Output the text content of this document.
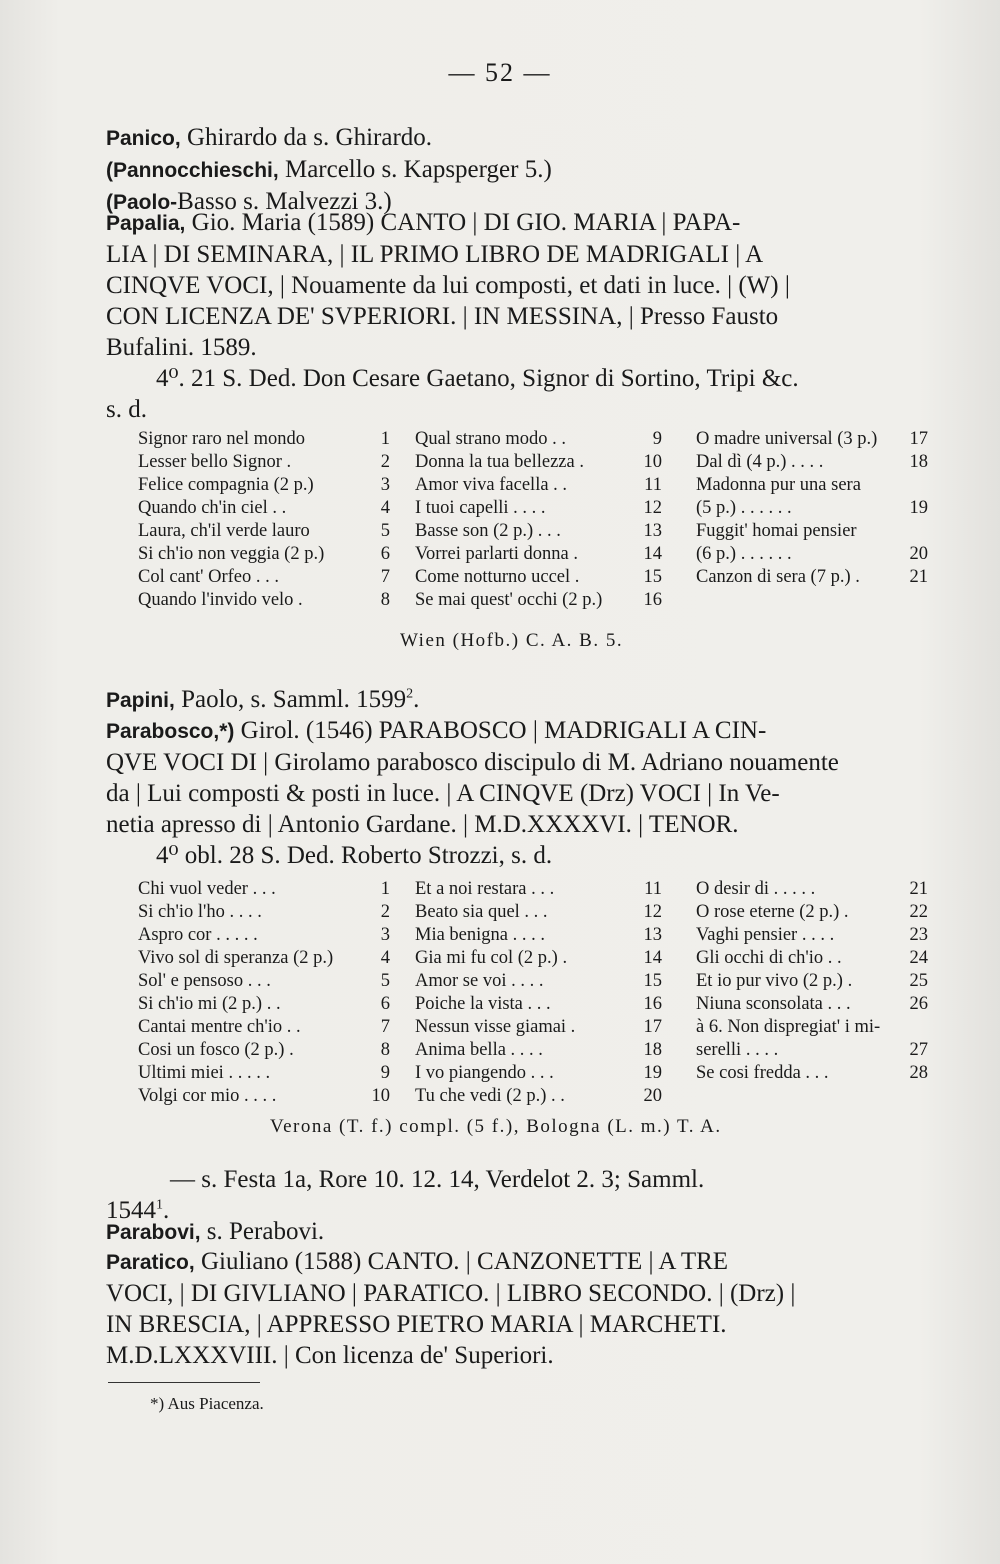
— 52 —
Panico, Ghirardo da s. Ghirardo.
(Pannocchieschi, Marcello s. Kapsperger 5.)
(Paolo-Basso s. Malvezzi 3.)
Papalia, Gio. Maria (1589) CANTO | DI GIO. MARIA | PAPA-
LIA | DI SEMINARA, | IL PRIMO LIBRO DE MADRIGALI | A
CINQVE VOCI, | Nouamente da lui composti, et dati in luce. | (W) |
CON LICENZA DE' SVPERIORI. | IN MESSINA, | Presso Fausto
Bufalini. 1589.
4⁰. 21 S. Ded. Don Cesare Gaetano, Signor di Sortino, Tripi &c.
s. d.
Signor raro nel mondo	1
Lesser bello Signor .	2
Felice compagnia (2 p.)	3
Quando ch'in ciel . .	4
Laura, ch'il verde lauro	5
Si ch'io non veggia (2 p.)	6
Col cant' Orfeo . . .	7
Quando l'invido velo .	8
Qual strano modo . .	9
Donna la tua bellezza .	10
Amor viva facella . .	11
I tuoi capelli . . . .	12
Basse son (2 p.) . . .	13
Vorrei parlarti donna .	14
Come notturno uccel .	15
Se mai quest' occhi (2 p.)	16
O madre universal (3 p.)	17
Dal dì (4 p.) . . . .	18
Madonna pur una sera	
(5 p.) . . . . . .	19
Fuggit' homai pensier	
(6 p.) . . . . . .	20
Canzon di sera (7 p.) .	21

Wien (Hofb.) C. A. B. 5.
Papini, Paolo, s. Samml. 1599$^2$.
Parabosco,*) Girol. (1546) PARABOSCO | MADRIGALI A CIN-
QVE VOCI DI | Girolamo parabosco discipulo di M. Adriano nouamente
da | Lui composti & posti in luce. | A CINQVE (Drz) VOCI | In Ve-
netia apresso di | Antonio Gardane. | M.D.XXXXVI. | TENOR.
4⁰ obl. 28 S. Ded. Roberto Strozzi, s. d.
Chi vuol veder . . .	1
Si ch'io l'ho . . . .	2
Aspro cor . . . . .	3
Vivo sol di speranza (2 p.)	4
Sol' e pensoso . . .	5
Si ch'io mi (2 p.) . .	6
Cantai mentre ch'io . .	7
Cosi un fosco (2 p.) .	8
Ultimi miei . . . . .	9
Volgi cor mio . . . .	10
Et a noi restara . . .	11
Beato sia quel . . .	12
Mia benigna . . . .	13
Gia mi fu col (2 p.) .	14
Amor se voi . . . .	15
Poiche la vista . . .	16
Nessun visse giamai .	17
Anima bella . . . .	18
I vo piangendo . . .	19
Tu che vedi (2 p.) . .	20
O desir di . . . . .	21
O rose eterne (2 p.) .	22
Vaghi pensier . . . .	23
Gli occhi di ch'io . .	24
Et io pur vivo (2 p.) .	25
Niuna sconsolata . . .	26
à 6. Non dispregiat' i mi-	
serelli . . . .	27
Se cosi fredda . . .	28

Verona (T. f.) compl. (5 f.), Bologna (L. m.) T. A.
— s. Festa 1a, Rore 10. 12. 14, Verdelot 2. 3; Samml.
1544$^1$.
Parabovi, s. Perabovi.
Paratico, Giuliano (1588) CANTO. | CANZONETTE | A TRE
VOCI, | DI GIVLIANO | PARATICO. | LIBRO SECONDO. | (Drz) |
IN BRESCIA, | APPRESSO PIETRO MARIA | MARCHETI.
M.D.LXXXVIII. | Con licenza de' Superiori.
*) Aus Piacenza.
